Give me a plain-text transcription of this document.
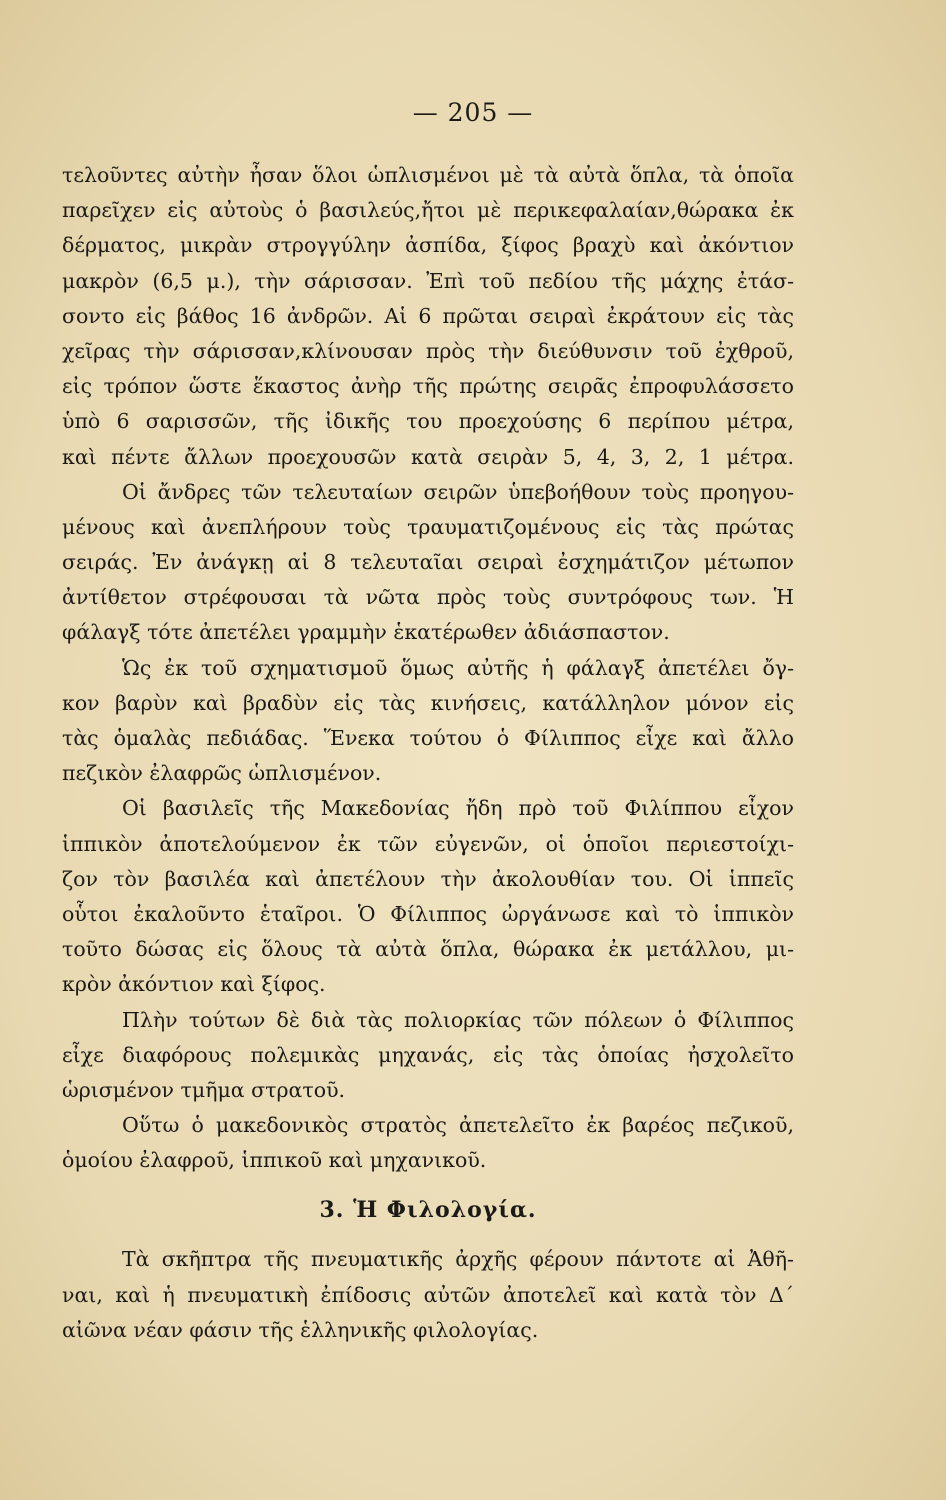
— 205 —
τελοῦντες αὐτὴν ἦσαν ὅλοι ὡπλισμένοι μὲ τὰ αὐτὰ ὅπλα, τὰ ὁποῖα
παρεῖχεν εἰς αὐτοὺς ὁ βασιλεύς,ἤτοι μὲ περικεφαλαίαν,θώρακα ἐκ
δέρματος, μικρὰν στρογγύλην ἀσπίδα, ξίφος βραχὺ καὶ ἀκόντιον
μακρὸν (6,5 μ.), τὴν σάρισσαν. Ἐπὶ τοῦ πεδίου τῆς μάχης ἐτάσ-
σοντο εἰς βάθος 16 ἀνδρῶν. Αἱ 6 πρῶται σειραὶ ἐκράτουν εἰς τὰς
χεῖρας τὴν σάρισσαν,κλίνουσαν πρὸς τὴν διεύθυνσιν τοῦ ἐχθροῦ,
εἰς τρόπον ὥστε ἕκαστος ἀνὴρ τῆς πρώτης σειρᾶς ἐπροφυλάσσετο
ὑπὸ 6 σαρισσῶν, τῆς ἰδικῆς του προεχούσης 6 περίπου μέτρα,
καὶ πέντε ἄλλων προεχουσῶν κατὰ σειρὰν 5, 4, 3, 2, 1 μέτρα.
Οἱ ἄνδρες τῶν τελευταίων σειρῶν ὑπεβοήθουν τοὺς προηγου-
μένους καὶ ἀνεπλήρουν τοὺς τραυματιζομένους εἰς τὰς πρώτας
σειράς. Ἐν ἀνάγκῃ αἱ 8 τελευταῖαι σειραὶ ἐσχημάτιζον μέτωπον
ἀντίθετον στρέφουσαι τὰ νῶτα πρὸς τοὺς συντρόφους των. Ἡ
φάλαγξ τότε ἀπετέλει γραμμὴν ἑκατέρωθεν ἀδιάσπαστον.
Ὡς ἐκ τοῦ σχηματισμοῦ ὅμως αὐτῆς ἡ φάλαγξ ἀπετέλει ὄγ-
κον βαρὺν καὶ βραδὺν εἰς τὰς κινήσεις, κατάλληλον μόνον εἰς
τὰς ὁμαλὰς πεδιάδας. Ἕνεκα τούτου ὁ Φίλιππος εἶχε καὶ ἄλλο
πεζικὸν ἐλαφρῶς ὡπλισμένον.
Οἱ βασιλεῖς τῆς Μακεδονίας ἤδη πρὸ τοῦ Φιλίππου εἶχον
ἱππικὸν ἀποτελούμενον ἐκ τῶν εὐγενῶν, οἱ ὁποῖοι περιεστοίχι-
ζον τὸν βασιλέα καὶ ἀπετέλουν τὴν ἀκολουθίαν του. Οἱ ἱππεῖς
οὗτοι ἐκαλοῦντο ἑταῖροι. Ὁ Φίλιππος ὠργάνωσε καὶ τὸ ἱππικὸν
τοῦτο δώσας εἰς ὅλους τὰ αὐτὰ ὅπλα, θώρακα ἐκ μετάλλου, μι-
κρὸν ἀκόντιον καὶ ξίφος.
Πλὴν τούτων δὲ διὰ τὰς πολιορκίας τῶν πόλεων ὁ Φίλιππος
εἶχε διαφόρους πολεμικὰς μηχανάς, εἰς τὰς ὁποίας ἠσχολεῖτο
ὡρισμένον τμῆμα στρατοῦ.
Οὕτω ὁ μακεδονικὸς στρατὸς ἀπετελεῖτο ἐκ βαρέος πεζικοῦ,
ὁμοίου ἐλαφροῦ, ἱππικοῦ καὶ μηχανικοῦ.
3. Ἡ Φιλολογία.
Τὰ σκῆπτρα τῆς πνευματικῆς ἀρχῆς φέρουν πάντοτε αἱ Ἀθῆ-
ναι, καὶ ἡ πνευματικὴ ἐπίδοσις αὐτῶν ἀποτελεῖ καὶ κατὰ τὸν Δ΄
αἰῶνα νέαν φάσιν τῆς ἑλληνικῆς φιλολογίας.
